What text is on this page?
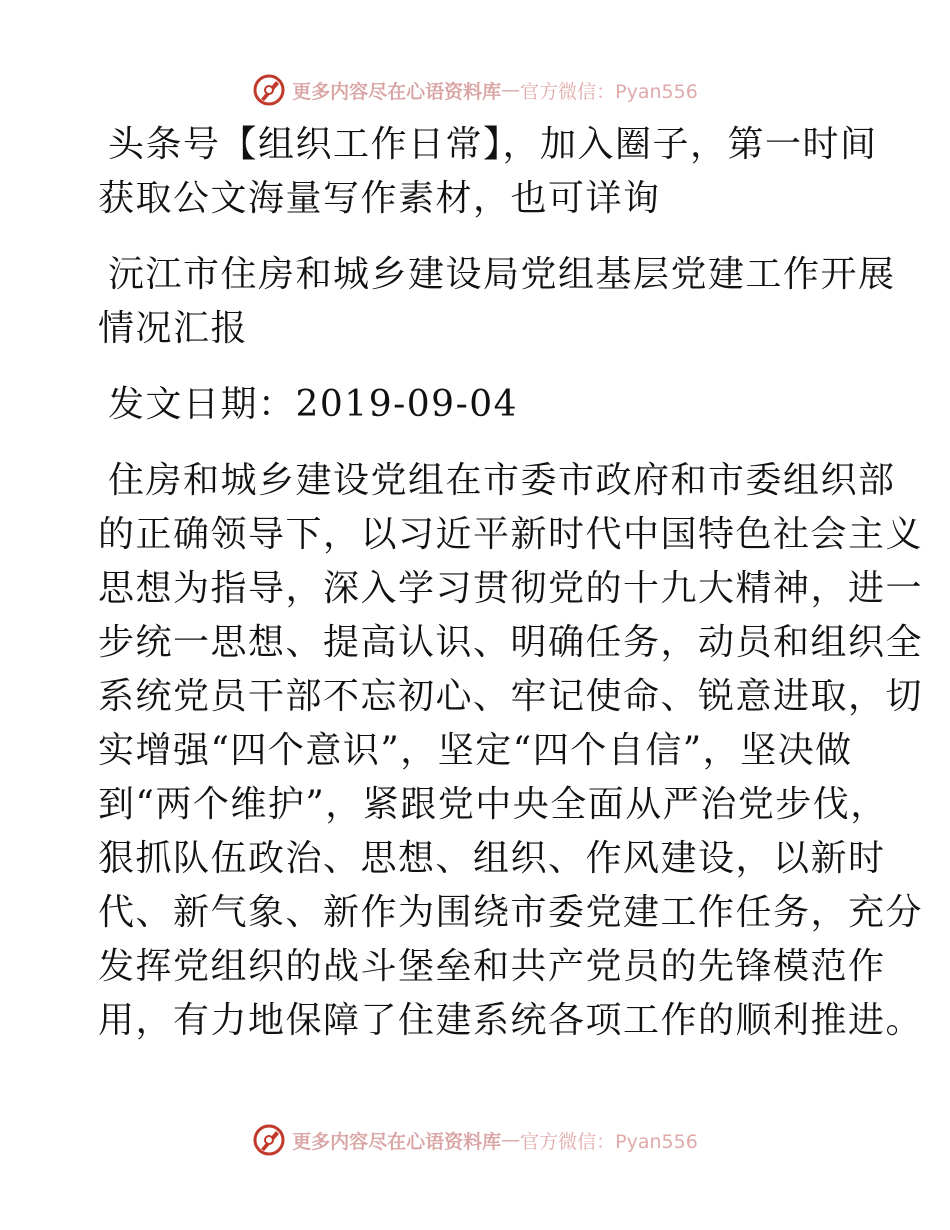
更多内容尽在心语资料库 — 官方微信：Pyan556
头条号【组织工作日常】，加入圈子，第一时间
获取公文海量写作素材，也可详询
沅江市住房和城乡建设局党组基层党建工作开展
情况汇报
发文日期：2019-09-04
住房和城乡建设党组在市委市政府和市委组织部
的正确领导下，以习近平新时代中国特色社会主义
思想为指导，深入学习贯彻党的十九大精神，进一
步统一思想、提高认识、明确任务，动员和组织全
系统党员干部不忘初心、牢记使命、锐意进取，切
实增强“四个意识”，坚定“四个自信”，坚决做
到“两个维护”，紧跟党中央全面从严治党步伐，
狠抓队伍政治、思想、组织、作风建设，以新时
代、新气象、新作为围绕市委党建工作任务，充分
发挥党组织的战斗堡垒和共产党员的先锋模范作
用，有力地保障了住建系统各项工作的顺利推进。
更多内容尽在心语资料库 — 官方微信：Pyan556
